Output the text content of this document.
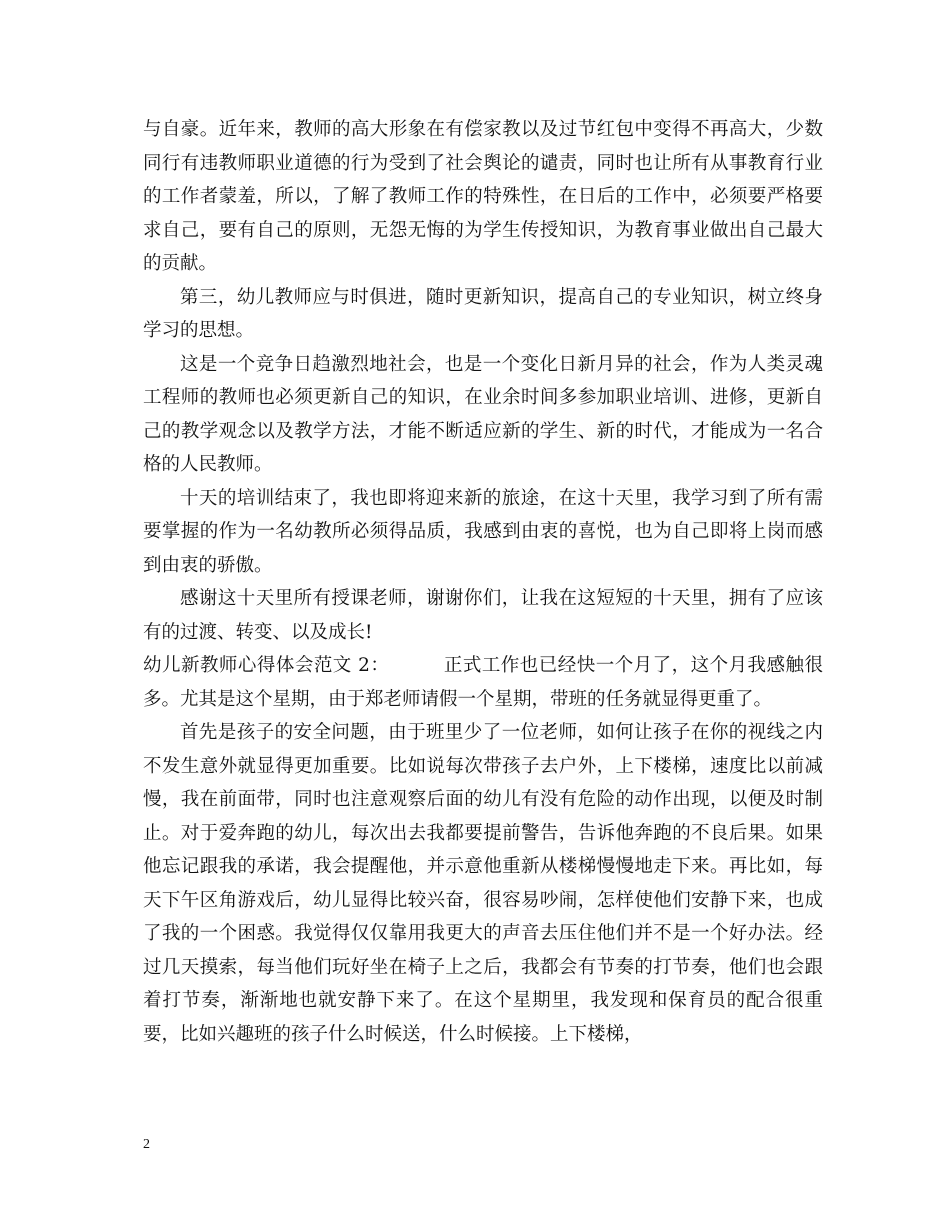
与自豪。近年来，教师的高大形象在有偿家教以及过节红包中变得不再高大，少数同行有违教师职业道德的行为受到了社会舆论的谴责，同时也让所有从事教育行业的工作者蒙羞，所以，了解了教师工作的特殊性，在日后的工作中，必须要严格要求自己，要有自己的原则，无怨无悔的为学生传授知识，为教育事业做出自己最大的贡献。

第三，幼儿教师应与时俱进，随时更新知识，提高自己的专业知识，树立终身学习的思想。

这是一个竞争日趋激烈地社会，也是一个变化日新月异的社会，作为人类灵魂工程师的教师也必须更新自己的知识，在业余时间多参加职业培训、进修，更新自己的教学观念以及教学方法，才能不断适应新的学生、新的时代，才能成为一名合格的人民教师。

十天的培训结束了，我也即将迎来新的旅途，在这十天里，我学习到了所有需要掌握的作为一名幼教所必须得品质，我感到由衷的喜悦，也为自己即将上岗而感到由衷的骄傲。

感谢这十天里所有授课老师，谢谢你们，让我在这短短的十天里，拥有了应该有的过渡、转变、以及成长!

幼儿新教师心得体会范文 2：	正式工作也已经快一个月了，这个月我感触很多。尤其是这个星期，由于郑老师请假一个星期，带班的任务就显得更重了。

首先是孩子的安全问题，由于班里少了一位老师，如何让孩子在你的视线之内不发生意外就显得更加重要。比如说每次带孩子去户外，上下楼梯，速度比以前减慢，我在前面带，同时也注意观察后面的幼儿有没有危险的动作出现，以便及时制止。对于爱奔跑的幼儿，每次出去我都要提前警告，告诉他奔跑的不良后果。如果他忘记跟我的承诺，我会提醒他，并示意他重新从楼梯慢慢地走下来。再比如，每天下午区角游戏后，幼儿显得比较兴奋，很容易吵闹，怎样使他们安静下来，也成了我的一个困惑。我觉得仅仅靠用我更大的声音去压住他们并不是一个好办法。经过几天摸索，每当他们玩好坐在椅子上之后，我都会有节奏的打节奏，他们也会跟着打节奏，渐渐地也就安静下来了。在这个星期里，我发现和保育员的配合很重要，比如兴趣班的孩子什么时候送，什么时候接。上下楼梯，

2
